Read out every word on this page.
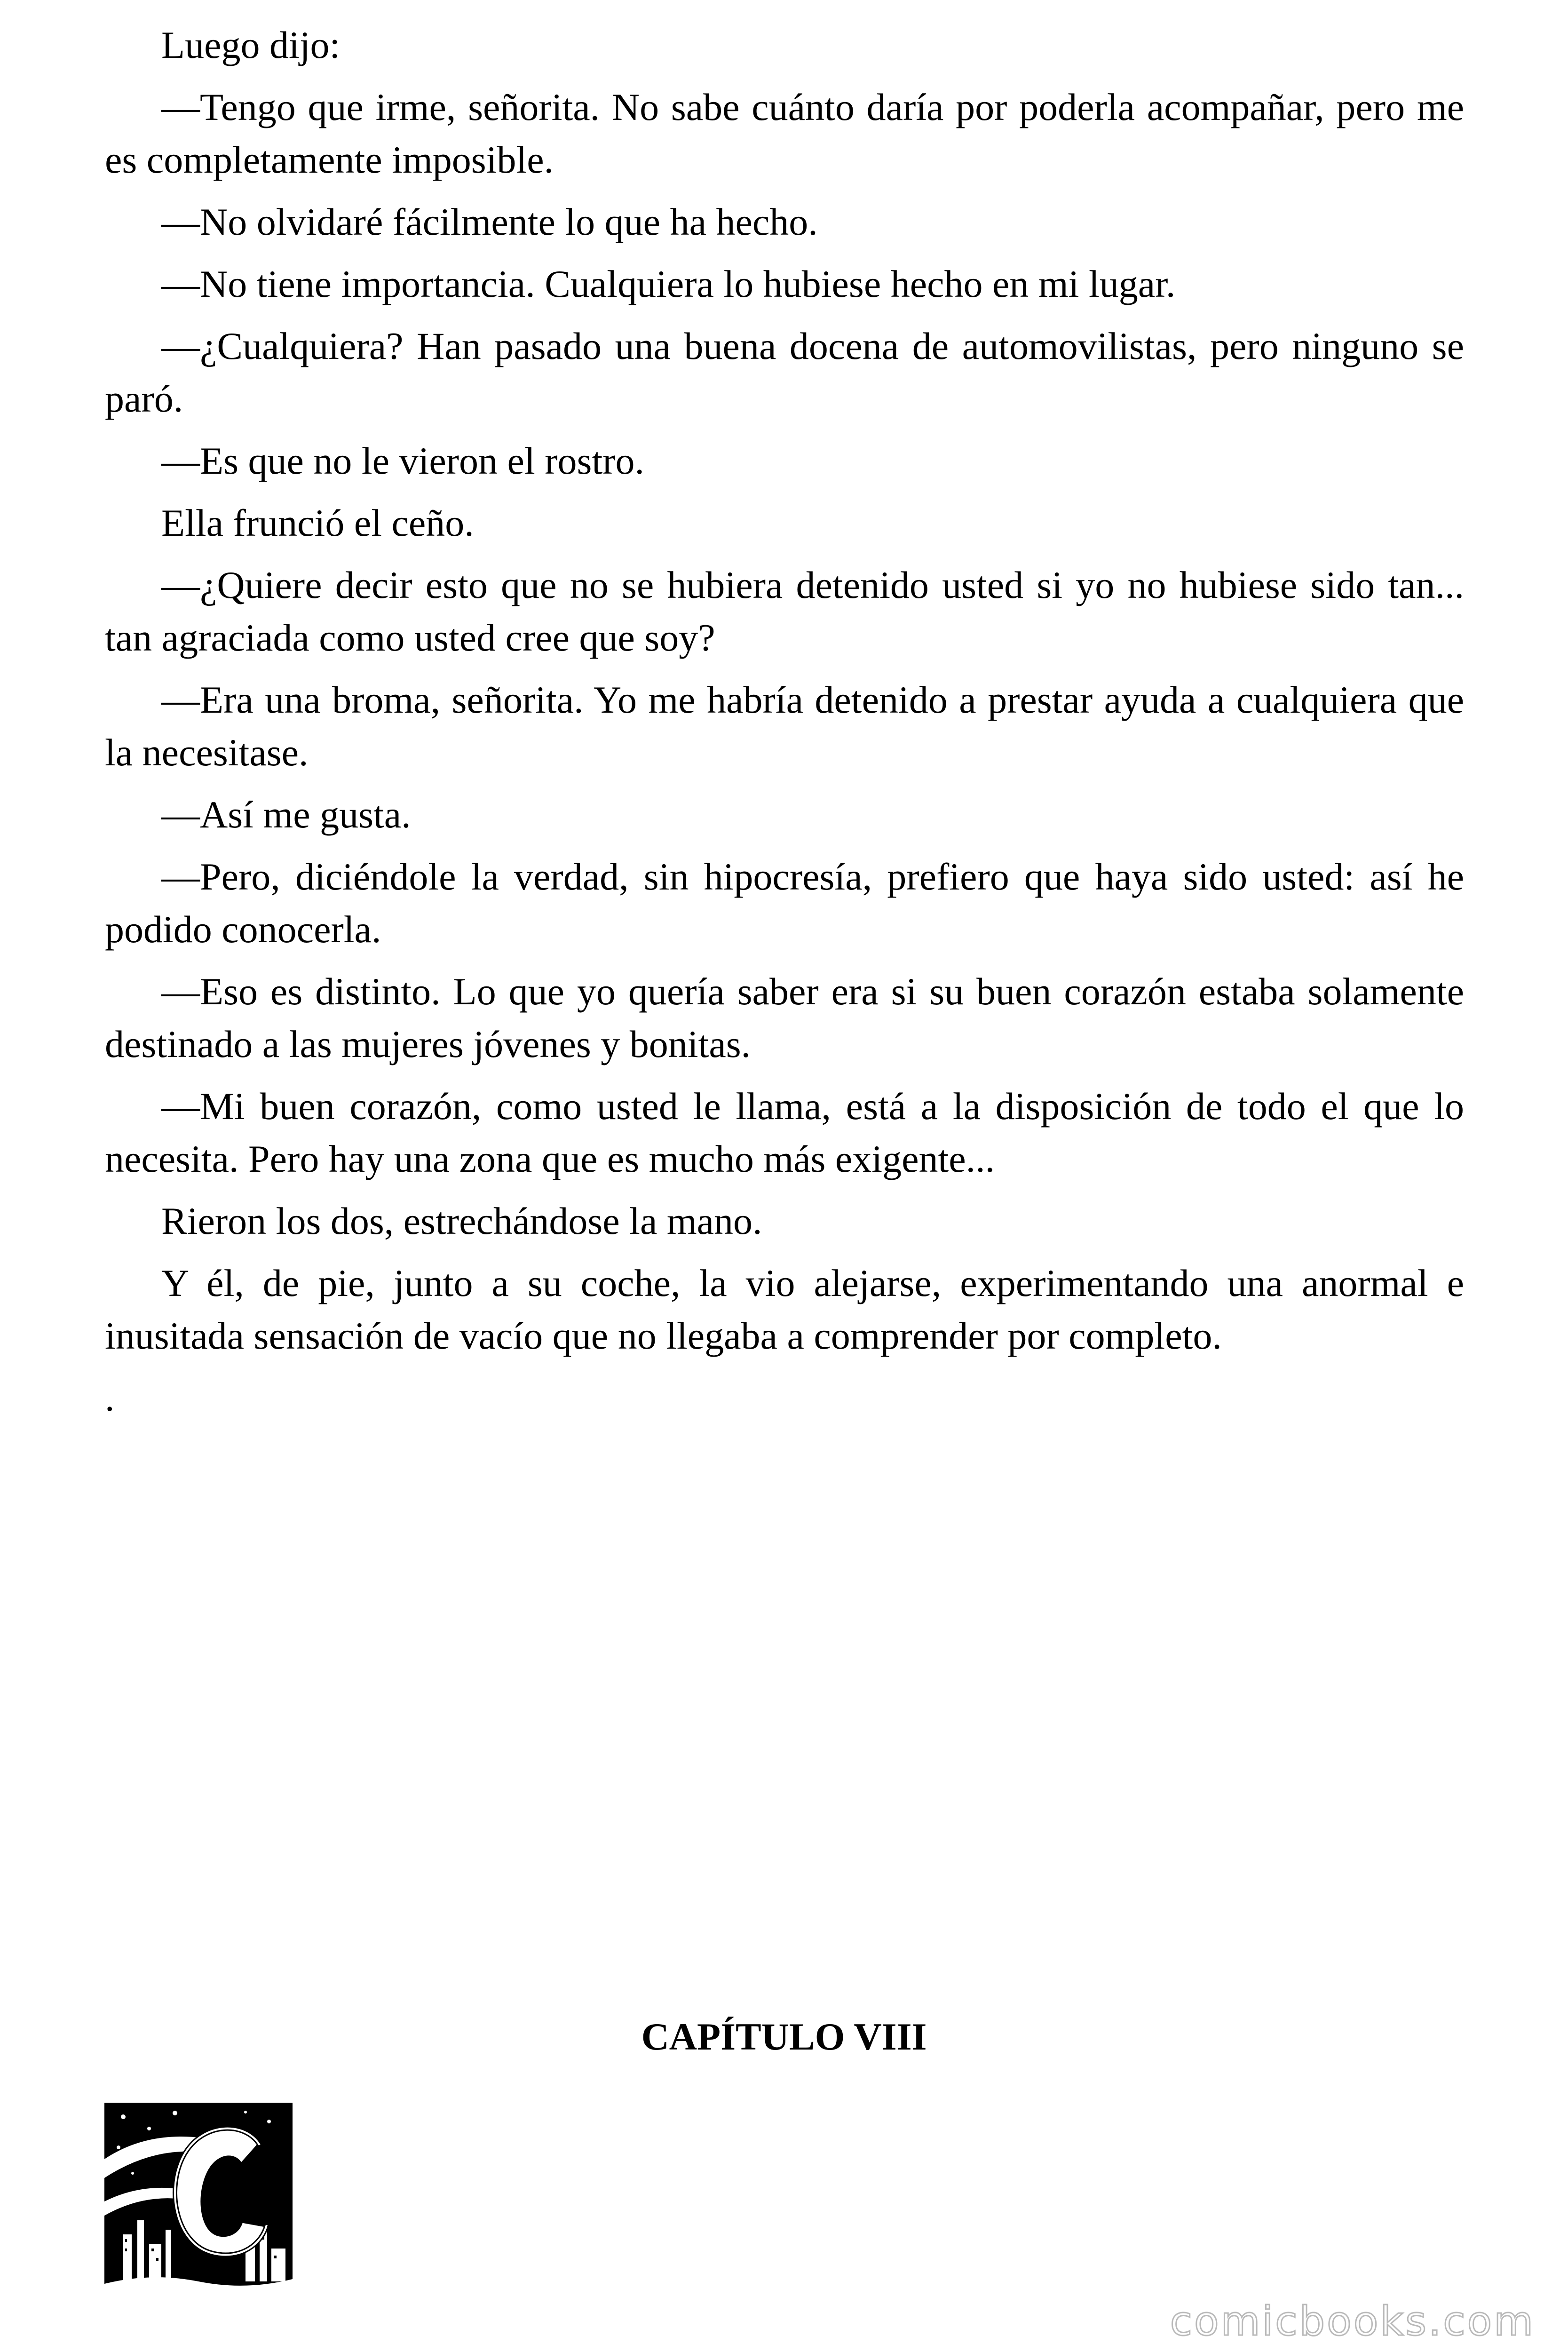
Luego dijo:

—Tengo que irme, señorita. No sabe cuánto daría por poderla acompañar, pero me es completamente imposible.

—No olvidaré fácilmente lo que ha hecho.

—No tiene importancia. Cualquiera lo hubiese hecho en mi lugar.

—¿Cualquiera? Han pasado una buena docena de automovilistas, pero ninguno se paró.

—Es que no le vieron el rostro.

Ella frunció el ceño.

—¿Quiere decir esto que no se hubiera detenido usted si yo no hubiese sido tan... tan agraciada como usted cree que soy?

—Era una broma, señorita. Yo me habría detenido a prestar ayuda a cualquiera que la necesitase.

—Así me gusta.

—Pero, diciéndole la verdad, sin hipocresía, prefiero que haya sido usted: así he podido conocerla.

—Eso es distinto. Lo que yo quería saber era si su buen corazón estaba solamente destinado a las mujeres jóvenes y bonitas.

—Mi buen corazón, como usted le llama, está a la disposición de todo el que lo necesita. Pero hay una zona que es mucho más exigente...

Rieron los dos, estrechándose la mano.

Y él, de pie, junto a su coche, la vio alejarse, experimentando una anormal e inusitada sensación de vacío que no llegaba a comprender por completo.

.

CAPÍTULO VIII
comicbooks.com
